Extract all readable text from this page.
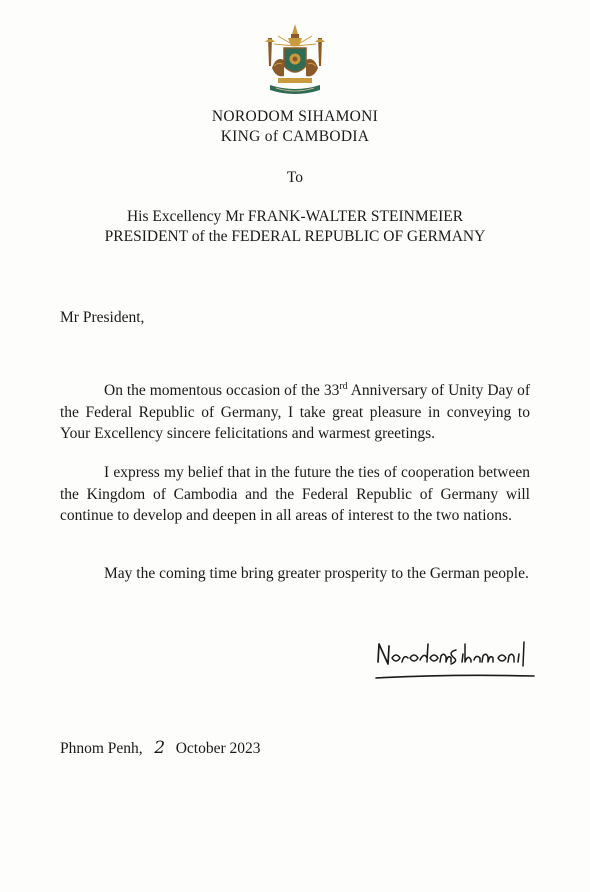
NORODOM SIHAMONI
KING of CAMBODIA
To
His Excellency Mr FRANK-WALTER STEINMEIER
PRESIDENT of the FEDERAL REPUBLIC OF GERMANY
Mr President,

On the momentous occasion of the 33rd Anniversary of Unity Day of the Federal Republic of Germany, I take great pleasure in conveying to Your Excellency sincere felicitations and warmest greetings.

I express my belief that in the future the ties of cooperation between the Kingdom of Cambodia and the Federal Republic of Germany will continue to develop and deepen in all areas of interest to the two nations.

May the coming time bring greater prosperity to the German people.

Phnom Penh, 2 October 2023
